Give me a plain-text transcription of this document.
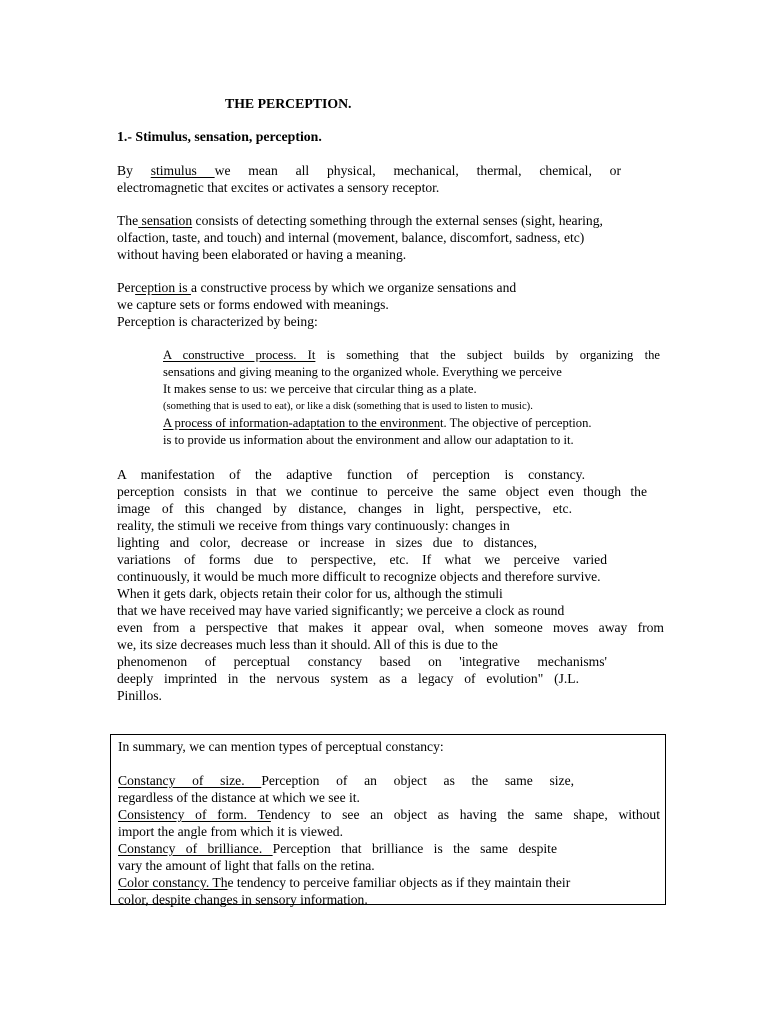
THE PERCEPTION.
1.- Stimulus, sensation, perception.

By stimulus we mean all physical, mechanical, thermal, chemical, or
electromagnetic that excites or activates a sensory receptor.

The sensation consists of detecting something through the external senses (sight, hearing,
olfaction, taste, and touch) and internal (movement, balance, discomfort, sadness, etc)
without having been elaborated or having a meaning.

Perception is a constructive process by which we organize sensations and
we capture sets or forms endowed with meanings.
Perception is characterized by being:

A constructive process. It is something that the subject builds by organizing the
sensations and giving meaning to the organized whole. Everything we perceive
It makes sense to us: we perceive that circular thing as a plate.
(something that is used to eat), or like a disk (something that is used to listen to music).

A process of information-adaptation to the environment. The objective of perception.
is to provide us information about the environment and allow our adaptation to it.

A manifestation of the adaptive function of perception is constancy.
perception consists in that we continue to perceive the same object even though the
image of this changed by distance, changes in light, perspective, etc.
reality, the stimuli we receive from things vary continuously: changes in
lighting and color, decrease or increase in sizes due to distances,
variations of forms due to perspective, etc. If what we perceive varied
continuously, it would be much more difficult to recognize objects and therefore survive.
When it gets dark, objects retain their color for us, although the stimuli
that we have received may have varied significantly; we perceive a clock as round
even from a perspective that makes it appear oval, when someone moves away from
we, its size decreases much less than it should. All of this is due to the
phenomenon of perceptual constancy based on 'integrative mechanisms'
deeply imprinted in the nervous system as a legacy of evolution" (J.L.
Pinillos.

In summary, we can mention types of perceptual constancy:
Constancy of size. Perception of an object as the same size,
regardless of the distance at which we see it.
Consistency of form. Tendency to see an object as having the same shape, without
import the angle from which it is viewed.
Constancy of brilliance. Perception that brilliance is the same despite
vary the amount of light that falls on the retina.
Color constancy. The tendency to perceive familiar objects as if they maintain their
color, despite changes in sensory information.
